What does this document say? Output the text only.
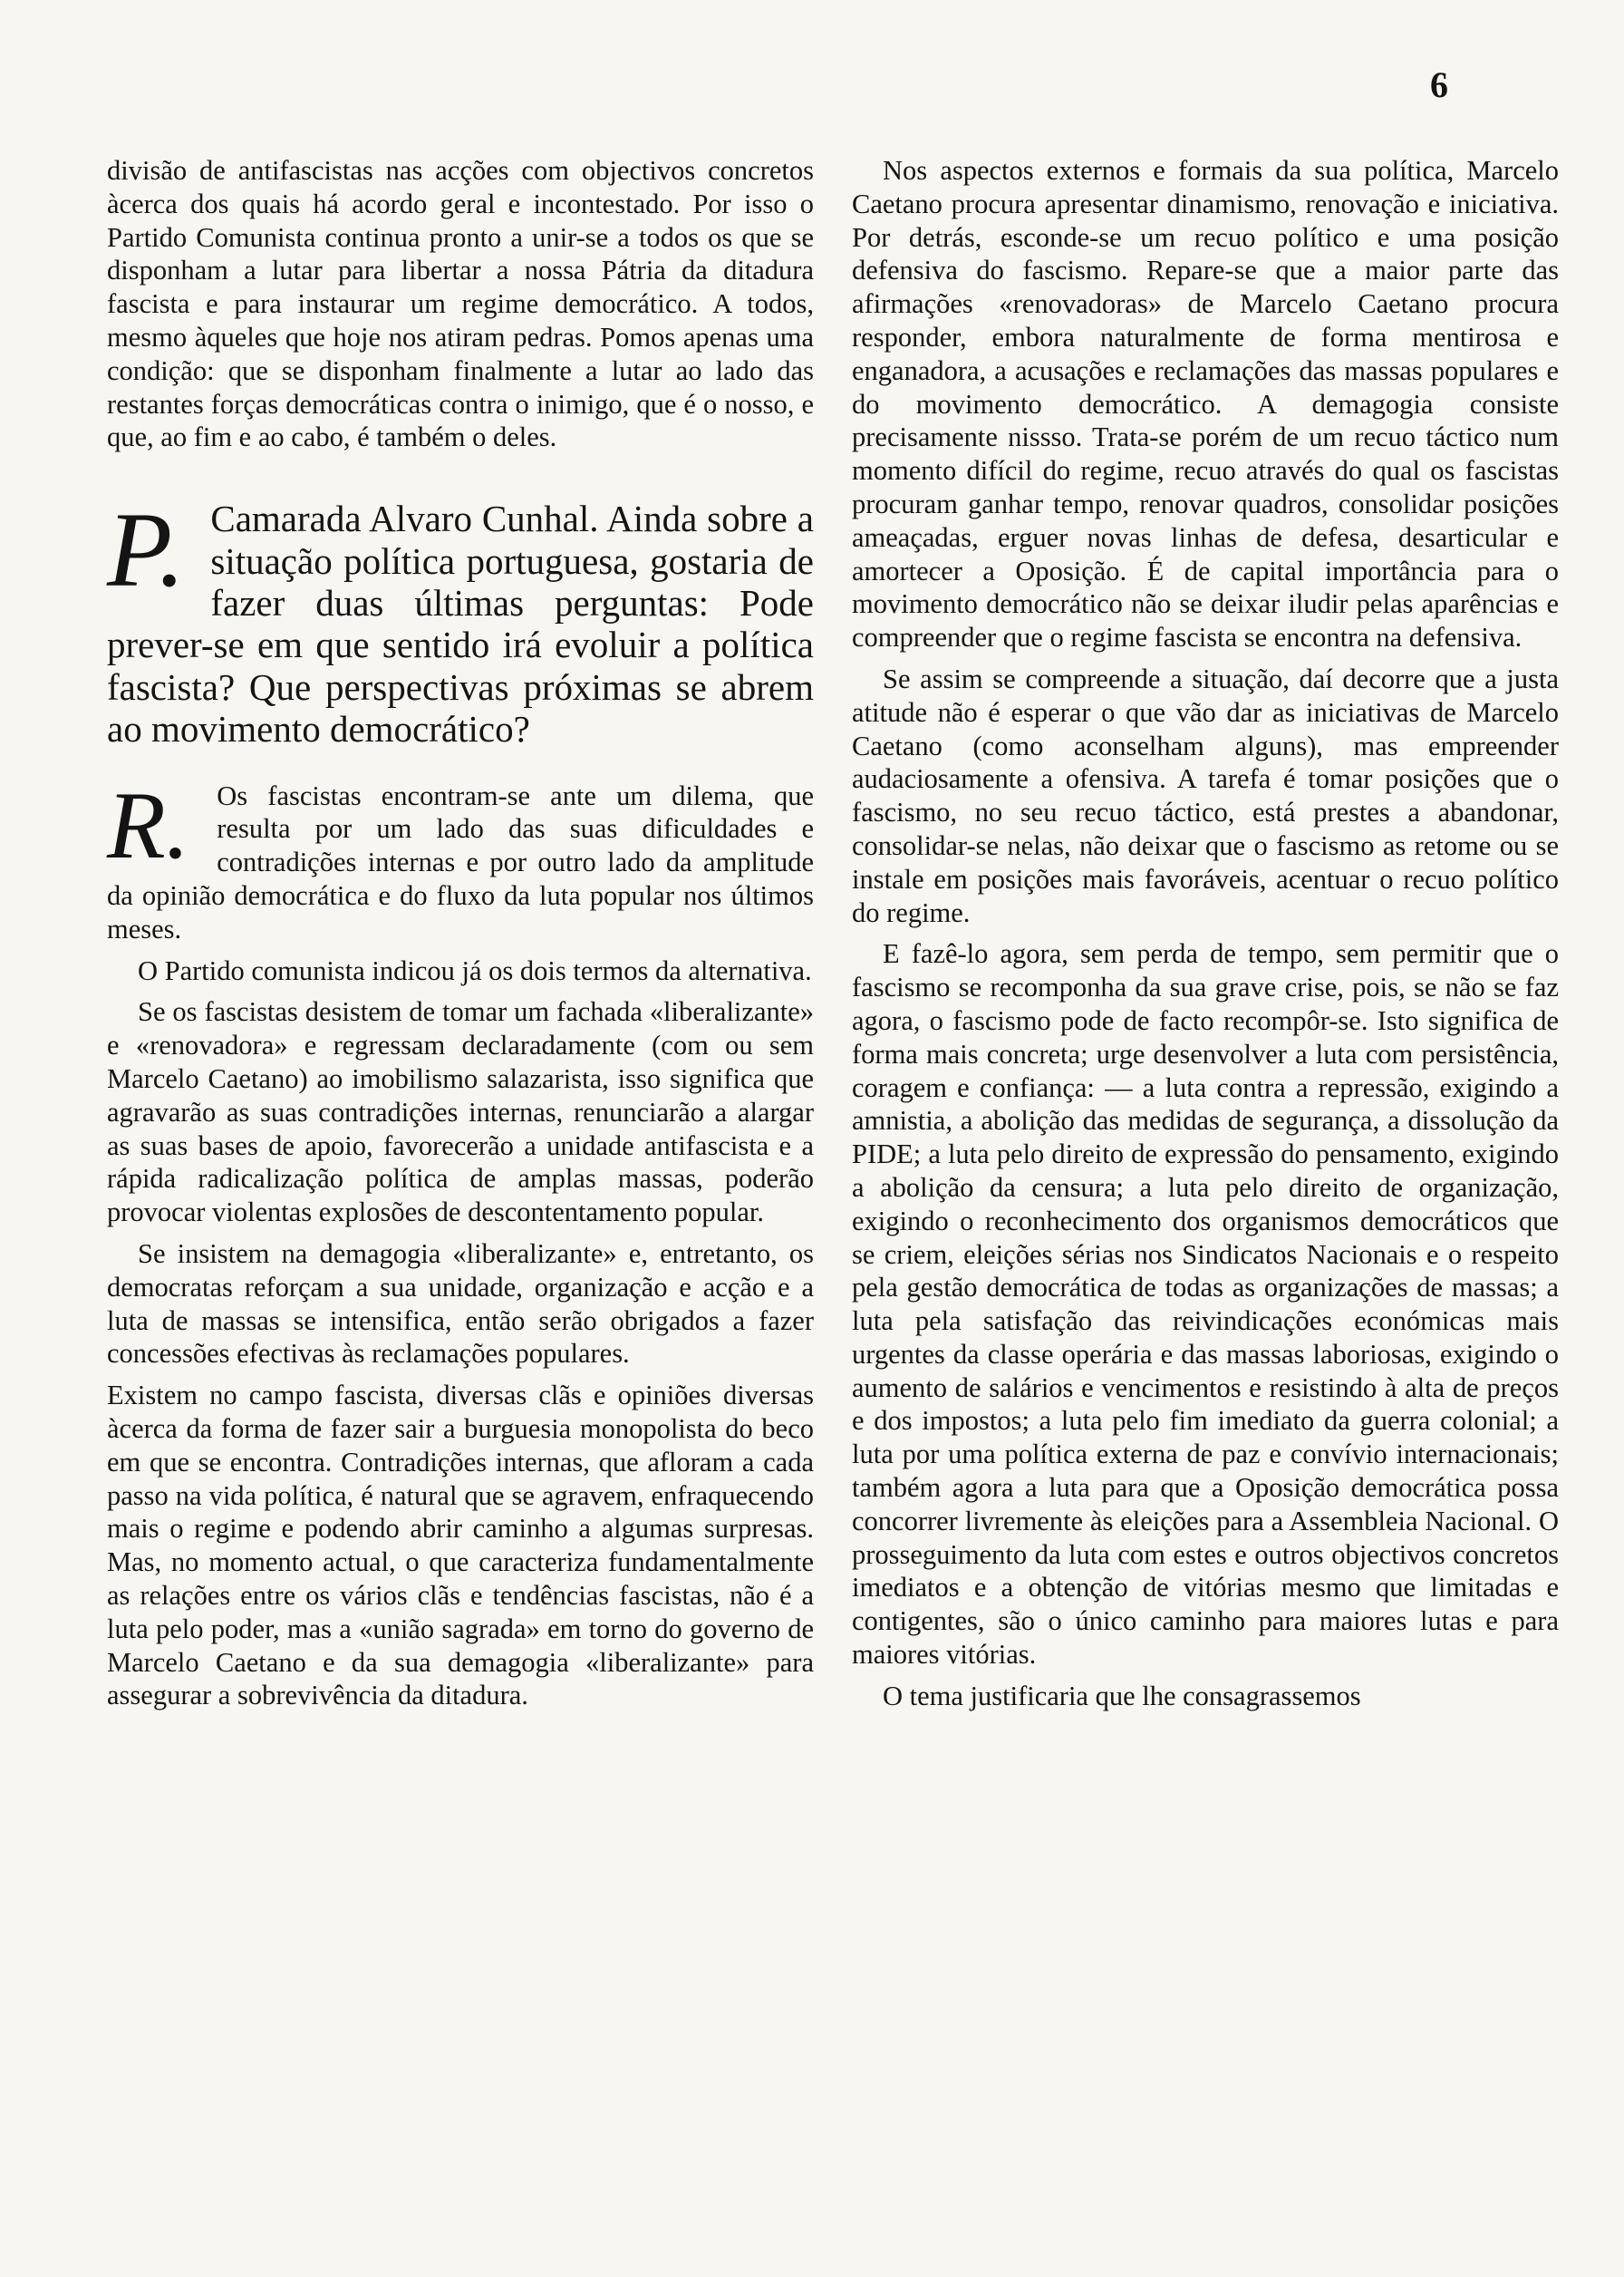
6

divisão de antifascistas nas acções com objectivos concretos àcerca dos quais há acordo geral e incontestado. Por isso o Partido Comunista continua pronto a unir-se a todos os que se disponham a lutar para libertar a nossa Pátria da ditadura fascista e para instaurar um regime democrático. A todos, mesmo àqueles que hoje nos atiram pedras. Pomos apenas uma condição: que se disponham finalmente a lutar ao lado das restantes forças democráticas contra o inimigo, que é o nosso, e que, ao fim e ao cabo, é também o deles.

P. Camarada Alvaro Cunhal. Ainda sobre a situação política portuguesa, gostaria de fazer duas últimas perguntas: Pode prever-se em que sentido irá evoluir a política fascista? Que perspectivas próximas se abrem ao movimento democrático?
R. Os fascistas encontram-se ante um dilema, que resulta por um lado das suas dificuldades e contradições internas e por outro lado da amplitude da opinião democrática e do fluxo da luta popular nos últimos meses.

O Partido comunista indicou já os dois termos da alternativa.

Se os fascistas desistem de tomar um fachada «liberalizante» e «renovadora» e regressam declaradamente (com ou sem Marcelo Caetano) ao imobilismo salazarista, isso significa que agravarão as suas contradições internas, renunciarão a alargar as suas bases de apoio, favorecerão a unidade antifascista e a rápida radicalização política de amplas massas, poderão provocar violentas explosões de descontentamento popular.

Se insistem na demagogia «liberalizante» e, entretanto, os democratas reforçam a sua unidade, organização e acção e a luta de massas se intensifica, então serão obrigados a fazer concessões efectivas às reclamações populares.

Existem no campo fascista, diversas clãs e opiniões diversas àcerca da forma de fazer sair a burguesia monopolista do beco em que se encontra. Contradições internas, que afloram a cada passo na vida política, é natural que se agravem, enfraquecendo mais o regime e podendo abrir caminho a algumas surpresas. Mas, no momento actual, o que caracteriza fundamentalmente as relações entre os vários clãs e tendências fascistas, não é a luta pelo poder, mas a «união sagrada» em torno do governo de Marcelo Caetano e da sua demagogia «liberalizante» para assegurar a sobrevivência da ditadura.

Nos aspectos externos e formais da sua política, Marcelo Caetano procura apresentar dinamismo, renovação e iniciativa. Por detrás, esconde-se um recuo político e uma posição defensiva do fascismo. Repare-se que a maior parte das afirmações «renovadoras» de Marcelo Caetano procura responder, embora naturalmente de forma mentirosa e enganadora, a acusações e reclamações das massas populares e do movimento democrático. A demagogia consiste precisamente nissso. Trata-se porém de um recuo táctico num momento difícil do regime, recuo através do qual os fascistas procuram ganhar tempo, renovar quadros, consolidar posições ameaçadas, erguer novas linhas de defesa, desarticular e amortecer a Oposição. É de capital importância para o movimento democrático não se deixar iludir pelas aparências e compreender que o regime fascista se encontra na defensiva.

Se assim se compreende a situação, daí decorre que a justa atitude não é esperar o que vão dar as iniciativas de Marcelo Caetano (como aconselham alguns), mas empreender audaciosamente a ofensiva. A tarefa é tomar posições que o fascismo, no seu recuo táctico, está prestes a abandonar, consolidar-se nelas, não deixar que o fascismo as retome ou se instale em posições mais favoráveis, acentuar o recuo político do regime.

E fazê-lo agora, sem perda de tempo, sem permitir que o fascismo se recomponha da sua grave crise, pois, se não se faz agora, o fascismo pode de facto recompôr-se. Isto significa de forma mais concreta; urge desenvolver a luta com persistência, coragem e confiança: — a luta contra a repressão, exigindo a amnistia, a abolição das medidas de segurança, a dissolução da PIDE; a luta pelo direito de expressão do pensamento, exigindo a abolição da censura; a luta pelo direito de organização, exigindo o reconhecimento dos organismos democráticos que se criem, eleições sérias nos Sindicatos Nacionais e o respeito pela gestão democrática de todas as organizações de massas; a luta pela satisfação das reivindicações económicas mais urgentes da classe operária e das massas laboriosas, exigindo o aumento de salários e vencimentos e resistindo à alta de preços e dos impostos; a luta pelo fim imediato da guerra colonial; a luta por uma política externa de paz e convívio internacionais; também agora a luta para que a Oposição democrática possa concorrer livremente às eleições para a Assembleia Nacional. O prosseguimento da luta com estes e outros objectivos concretos imediatos e a obtenção de vitórias mesmo que limitadas e contigentes, são o único caminho para maiores lutas e para maiores vitórias.

O tema justificaria que lhe consagrassemos
